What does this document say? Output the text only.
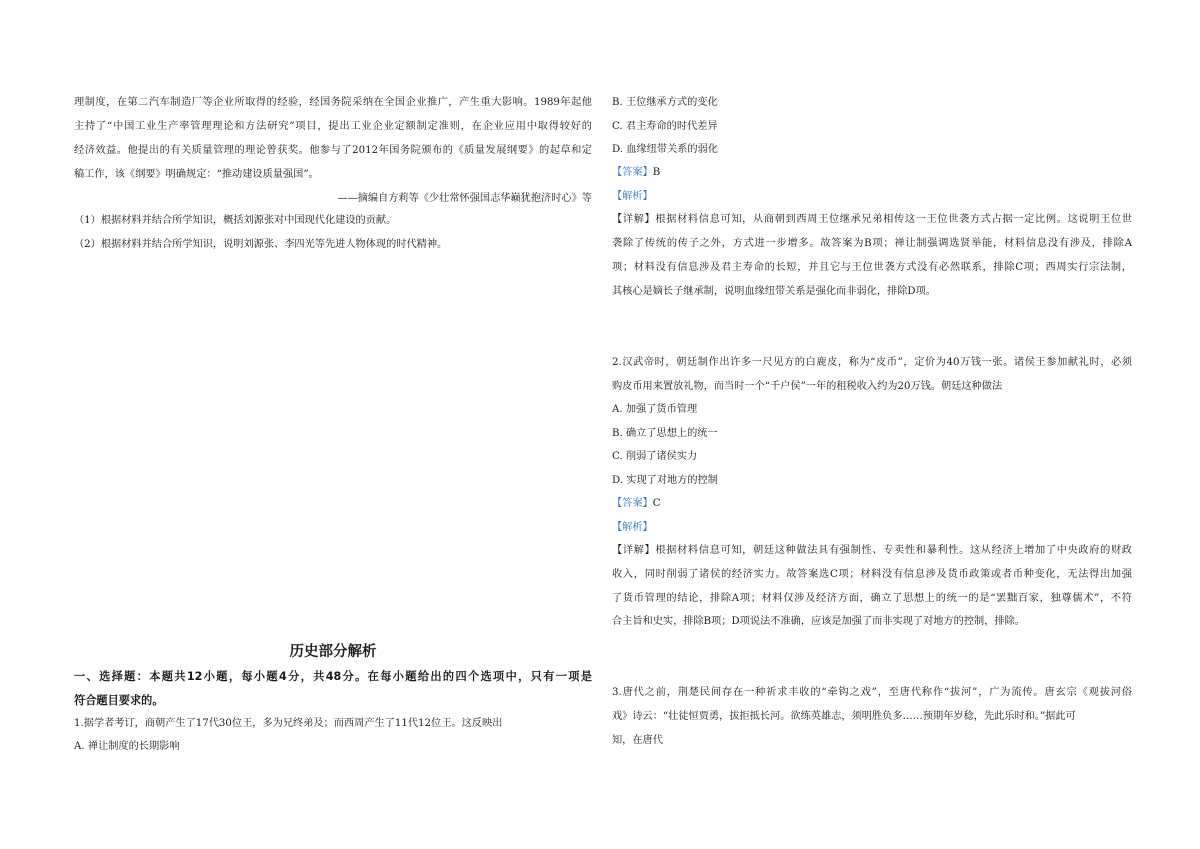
理制度，在第二汽车制造厂等企业所取得的经验，经国务院采纳在全国企业推广，产生重大影响。1989年起他
主持了“中国工业生产率管理理论和方法研究”项目，提出工业企业定额制定准则，在企业应用中取得较好的
经济效益。他提出的有关质量管理的理论曾获奖。他参与了2012年国务院颁布的《质量发展纲要》的起草和定
稿工作，该《纲要》明确规定：“推动建设质量强国”。
——摘编自方莉等《少壮常怀强国志华巅犹抱济时心》等
（1）根据材料并结合所学知识，概括刘源张对中国现代化建设的贡献。
（2）根据材料并结合所学知识，说明刘源张、李四光等先进人物体现的时代精神。
历史部分解析
一、选择题：本题共12小题，每小题4分，共48分。在每小题给出的四个选项中，只有一项是
符合题目要求的。
1.据学者考订，商朝产生了17代30位王，多为兄终弟及；而西周产生了11代12位王。这反映出
A. 禅让制度的长期影响
B. 王位继承方式的变化
C. 君主寿命的时代差异
D. 血缘纽带关系的弱化
【答案】B
【解析】
【详解】根据材料信息可知，从商朝到西周王位继承兄弟相传这一王位世袭方式占据一定比例。这说明王位世
袭除了传统的传子之外，方式进一步增多。故答案为B项；禅让制强调选贤举能，材料信息没有涉及，排除A
项；材料没有信息涉及君主寿命的长短，并且它与王位世袭方式没有必然联系，排除C项；西周实行宗法制，
其核心是嫡长子继承制，说明血缘纽带关系是强化而非弱化，排除D项。
2.汉武帝时，朝廷制作出许多一尺见方的白鹿皮，称为“皮币”，定价为40万钱一张。诸侯王参加献礼时，必须
购皮币用来置放礼物，而当时一个“千户侯”一年的租税收入约为20万钱。朝廷这种做法
A. 加强了货币管理
B. 确立了思想上的统一
C. 削弱了诸侯实力
D. 实现了对地方的控制
【答案】C
【解析】
【详解】根据材料信息可知，朝廷这种做法具有强制性、专卖性和暴利性。这从经济上增加了中央政府的财政
收入，同时削弱了诸侯的经济实力。故答案选C项；材料没有信息涉及货币政策或者币种变化，无法得出加强
了货币管理的结论，排除A项；材料仅涉及经济方面，确立了思想上的统一的是“罢黜百家，独尊儒术”，不符
合主旨和史实，排除B项；D项说法不准确，应该是加强了而非实现了对地方的控制，排除。
3.唐代之前，荆楚民间存在一种祈求丰收的“牵钩之戏”，至唐代称作“拔河”，广为流传。唐玄宗《观拔河俗
戏》诗云：“壮徒恒贾勇，拔拒抵长河。欲练英雄志，须明胜负多……预期年岁稔，先此乐时和。”据此可
知，在唐代
